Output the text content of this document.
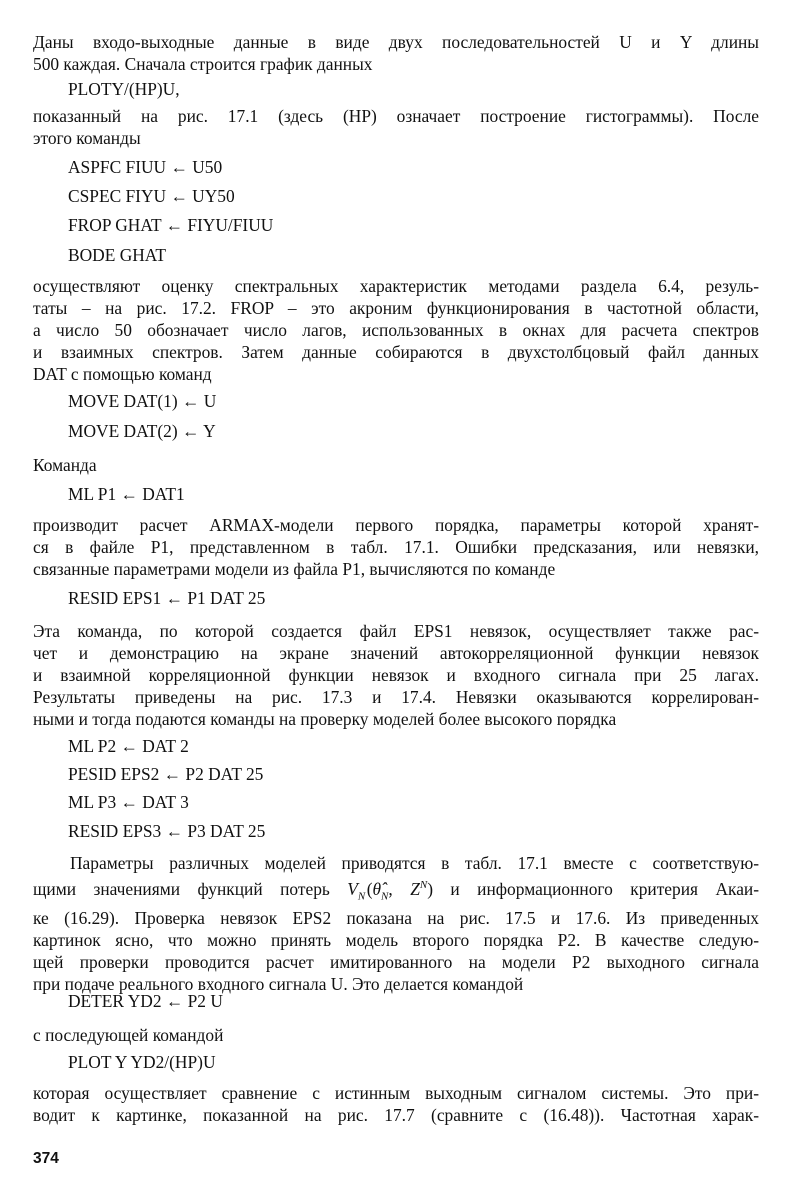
Даны входо-выходные данные в виде двух последовательностей U и Y длины
500 каждая. Сначала строится график данных

PLOTY/(HP)U,

показанный на рис. 17.1 (здесь (HP) означает построение гистограммы). После
этого команды

ASPFC FIUU ← U50

CSPEC FIYU ← UY50

FROP GHAT ← FIYU/FIUU

BODE GHAT

осуществляют оценку спектральных характеристик методами раздела 6.4, резуль-
таты – на рис. 17.2. FROP – это акроним функционирования в частотной области,
а число 50 обозначает число лагов, использованных в окнах для расчета спектров
и взаимных спектров. Затем данные собираются в двухстолбцовый файл данных
DAT с помощью команд

MOVE DAT(1) ← U

MOVE DAT(2) ← Y

Команда

ML P1 ← DAT1

производит расчет ARMAX-модели первого порядка, параметры которой хранят-
ся в файле P1, представленном в табл. 17.1. Ошибки предсказания, или невязки,
связанные параметрами модели из файла P1, вычисляются по команде

RESID EPS1 ← P1 DAT 25

Эта команда, по которой создается файл EPS1 невязок, осуществляет также рас-
чет и демонстрацию на экране значений автокорреляционной функции невязок
и взаимной корреляционной функции невязок и входного сигнала при 25 лагах.
Результаты приведены на рис. 17.3 и 17.4. Невязки оказываются коррелирован-
ными и тогда подаются команды на проверку моделей более высокого порядка

ML P2 ← DAT 2

PESID EPS2 ← P2 DAT 25

ML P3 ← DAT 3

RESID EPS3 ← P3 DAT 25

Параметры различных моделей приводятся в табл. 17.1 вместе с соответствую-
щими значениями функций потерь $V_N$ ($\thetâ_N$, $Z^N$) и информационного критерия Акаи-
ке (16.29). Проверка невязок EPS2 показана на рис. 17.5 и 17.6. Из приведенных
картинок ясно, что можно принять модель второго порядка P2. В качестве следую-
щей проверки проводится расчет имитированного на модели P2 выходного сигнала
при подаче реального входного сигнала U. Это делается командой

DETER YD2 ← P2 U

с последующей командой

PLOT Y YD2/(HP)U

которая осуществляет сравнение с истинным выходным сигналом системы. Это при-
водит к картинке, показанной на рис. 17.7 (сравните с (16.48)). Частотная харак-

374
